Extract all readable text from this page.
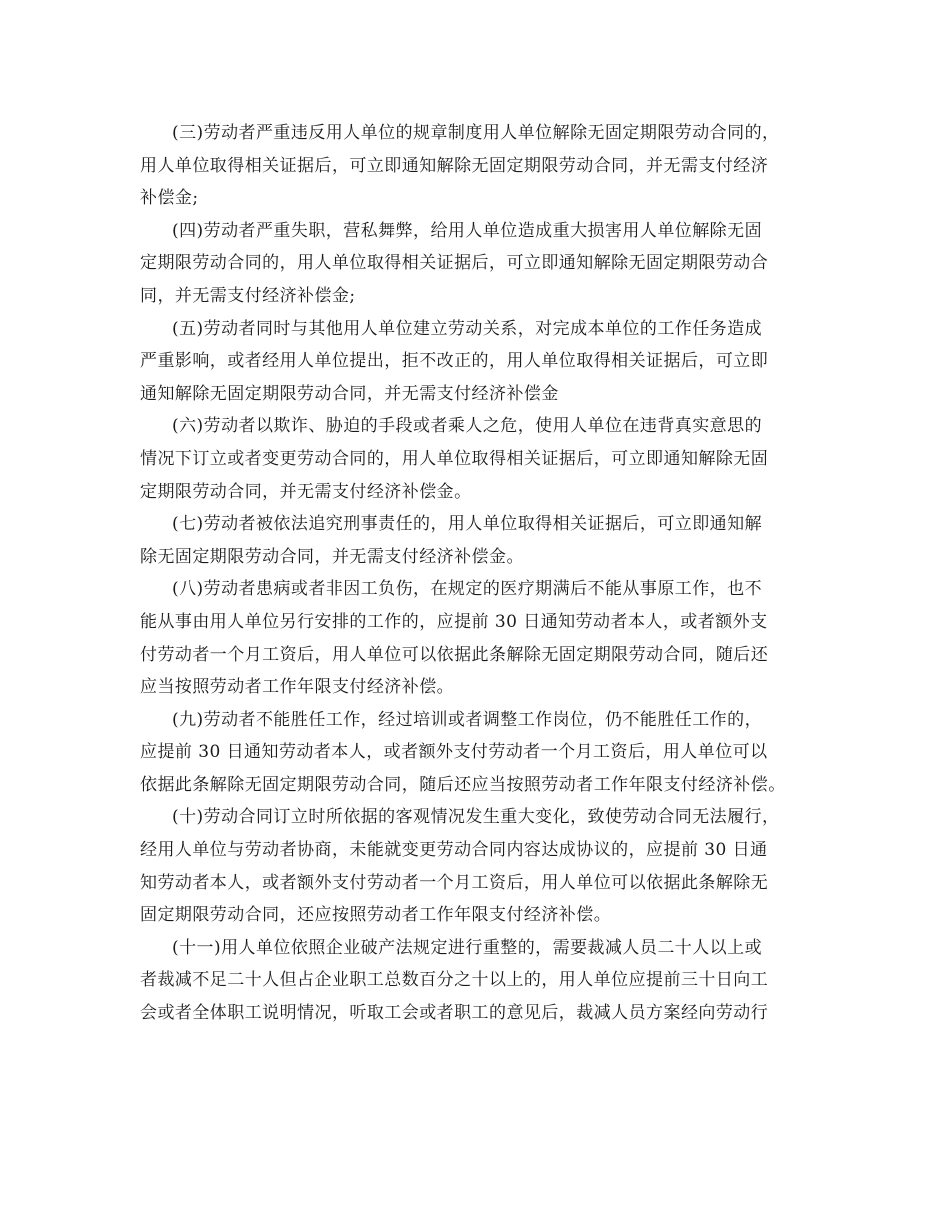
(三)劳动者严重违反用人单位的规章制度用人单位解除无固定期限劳动合同的，
用人单位取得相关证据后，可立即通知解除无固定期限劳动合同，并无需支付经济
补偿金;
(四)劳动者严重失职，营私舞弊，给用人单位造成重大损害用人单位解除无固
定期限劳动合同的，用人单位取得相关证据后，可立即通知解除无固定期限劳动合
同，并无需支付经济补偿金;
(五)劳动者同时与其他用人单位建立劳动关系，对完成本单位的工作任务造成
严重影响，或者经用人单位提出，拒不改正的，用人单位取得相关证据后，可立即
通知解除无固定期限劳动合同，并无需支付经济补偿金
(六)劳动者以欺诈、胁迫的手段或者乘人之危，使用人单位在违背真实意思的
情况下订立或者变更劳动合同的，用人单位取得相关证据后，可立即通知解除无固
定期限劳动合同，并无需支付经济补偿金。
(七)劳动者被依法追究刑事责任的，用人单位取得相关证据后，可立即通知解
除无固定期限劳动合同，并无需支付经济补偿金。
(八)劳动者患病或者非因工负伤，在规定的医疗期满后不能从事原工作，也不
能从事由用人单位另行安排的工作的，应提前 30 日通知劳动者本人，或者额外支
付劳动者一个月工资后，用人单位可以依据此条解除无固定期限劳动合同，随后还
应当按照劳动者工作年限支付经济补偿。
(九)劳动者不能胜任工作，经过培训或者调整工作岗位，仍不能胜任工作的，
应提前 30 日通知劳动者本人，或者额外支付劳动者一个月工资后，用人单位可以
依据此条解除无固定期限劳动合同，随后还应当按照劳动者工作年限支付经济补偿。
(十)劳动合同订立时所依据的客观情况发生重大变化，致使劳动合同无法履行，
经用人单位与劳动者协商，未能就变更劳动合同内容达成协议的，应提前 30 日通
知劳动者本人，或者额外支付劳动者一个月工资后，用人单位可以依据此条解除无
固定期限劳动合同，还应按照劳动者工作年限支付经济补偿。
(十一)用人单位依照企业破产法规定进行重整的，需要裁减人员二十人以上或
者裁减不足二十人但占企业职工总数百分之十以上的，用人单位应提前三十日向工
会或者全体职工说明情况，听取工会或者职工的意见后，裁减人员方案经向劳动行
